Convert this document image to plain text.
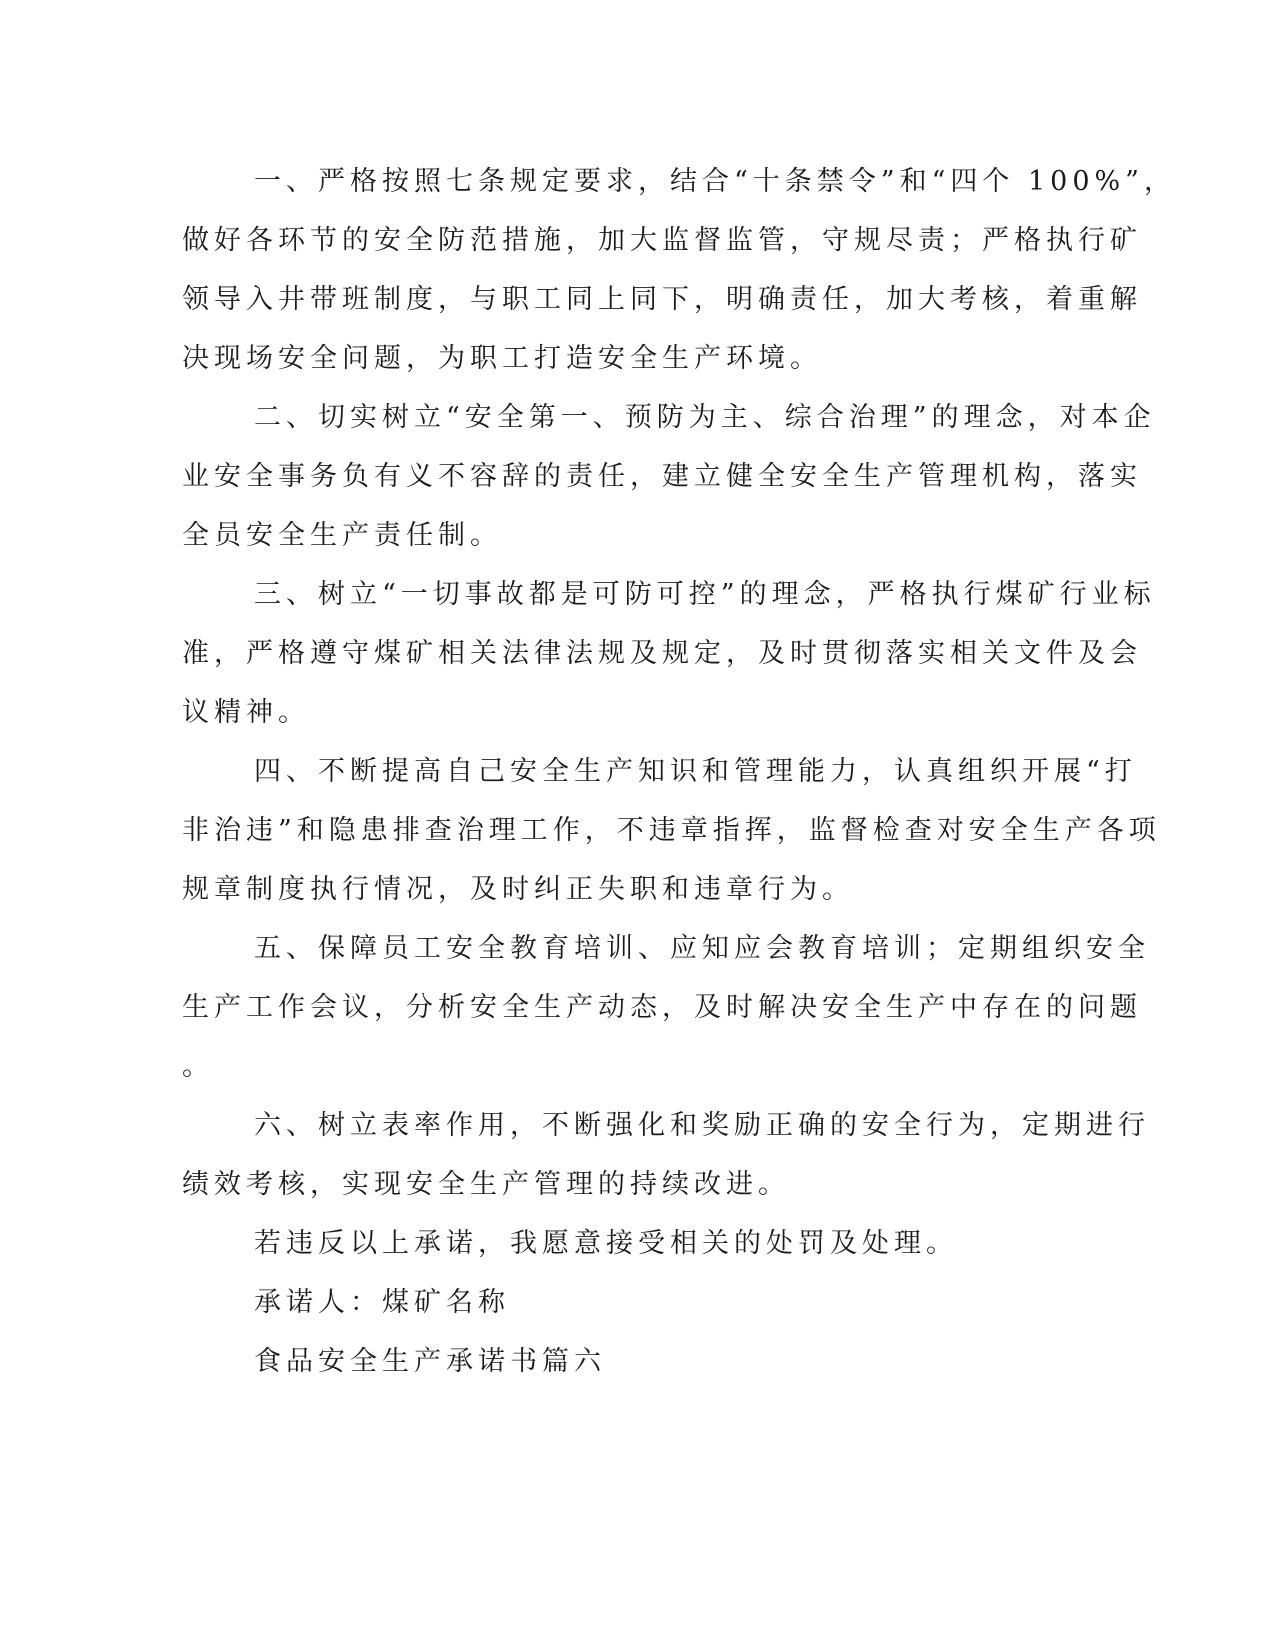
一、严格按照七条规定要求，结合“十条禁令”和“四个 100%”，
做好各环节的安全防范措施，加大监督监管，守规尽责；严格执行矿
领导入井带班制度，与职工同上同下，明确责任，加大考核，着重解
决现场安全问题，为职工打造安全生产环境。
二、切实树立“安全第一、预防为主、综合治理”的理念，对本企
业安全事务负有义不容辞的责任，建立健全安全生产管理机构，落实
全员安全生产责任制。
三、树立“一切事故都是可防可控”的理念，严格执行煤矿行业标
准，严格遵守煤矿相关法律法规及规定，及时贯彻落实相关文件及会
议精神。
四、不断提高自己安全生产知识和管理能力，认真组织开展“打
非治违”和隐患排查治理工作，不违章指挥，监督检查对安全生产各项
规章制度执行情况，及时纠正失职和违章行为。
五、保障员工安全教育培训、应知应会教育培训；定期组织安全
生产工作会议，分析安全生产动态，及时解决安全生产中存在的问题
。
六、树立表率作用，不断强化和奖励正确的安全行为，定期进行
绩效考核，实现安全生产管理的持续改进。
若违反以上承诺，我愿意接受相关的处罚及处理。
承诺人：煤矿名称
食品安全生产承诺书篇六
